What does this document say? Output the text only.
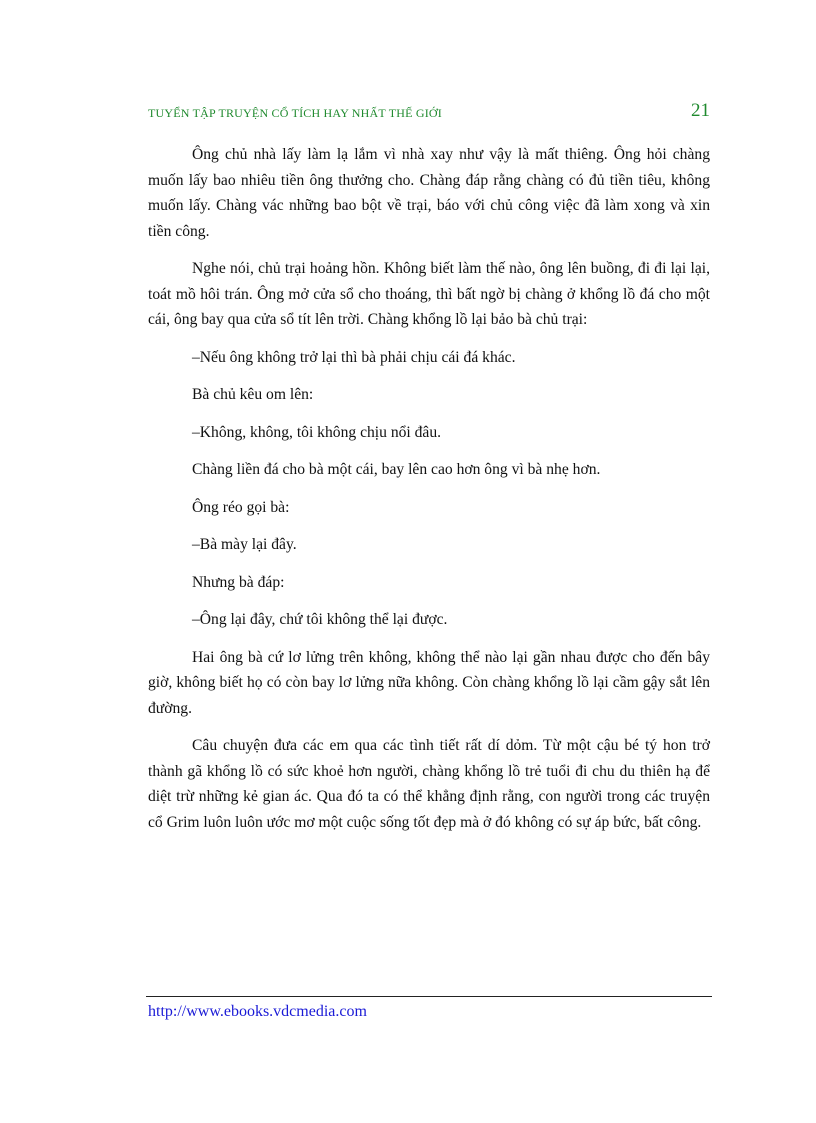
TUYỂN TẬP TRUYỆN CỔ TÍCH HAY NHẤT THẾ GIỚI	21

Ông chủ nhà lấy làm lạ lắm vì nhà xay như vậy là mất thiêng. Ông hỏi chàng muốn lấy bao nhiêu tiền ông thưởng cho. Chàng đáp rằng chàng có đủ tiền tiêu, không muốn lấy. Chàng vác những bao bột về trại, báo với chủ công việc đã làm xong và xin tiền công.

Nghe nói, chủ trại hoảng hồn. Không biết làm thế nào, ông lên buồng, đi đi lại lại, toát mồ hôi trán. Ông mở cửa sổ cho thoáng, thì bất ngờ bị chàng ở khổng lồ đá cho một cái, ông bay qua cửa sổ tít lên trời. Chàng khổng lồ lại bảo bà chủ trại:

–Nếu ông không trở lại thì bà phải chịu cái đá khác.

Bà chủ kêu om lên:

–Không, không, tôi không chịu nổi đâu.

Chàng liền đá cho bà một cái, bay lên cao hơn ông vì bà nhẹ hơn.

Ông réo gọi bà:

–Bà mày lại đây.

Nhưng bà đáp:

–Ông lại đây, chứ tôi không thể lại được.

Hai ông bà cứ lơ lửng trên không, không thể nào lại gần nhau được cho đến bây giờ, không biết họ có còn bay lơ lửng nữa không. Còn chàng khổng lồ lại cầm gậy sắt lên đường.

Câu chuyện đưa các em qua các tình tiết rất dí dỏm. Từ một cậu bé tý hon trở thành gã khổng lồ có sức khoẻ hơn người, chàng khổng lồ trẻ tuổi đi chu du thiên hạ để diệt trừ những kẻ gian ác. Qua đó ta có thể khẳng định rằng, con người trong các truyện cổ Grim luôn luôn ước mơ một cuộc sống tốt đẹp mà ở đó không có sự áp bức, bất công.

http://www.ebooks.vdcmedia.com
